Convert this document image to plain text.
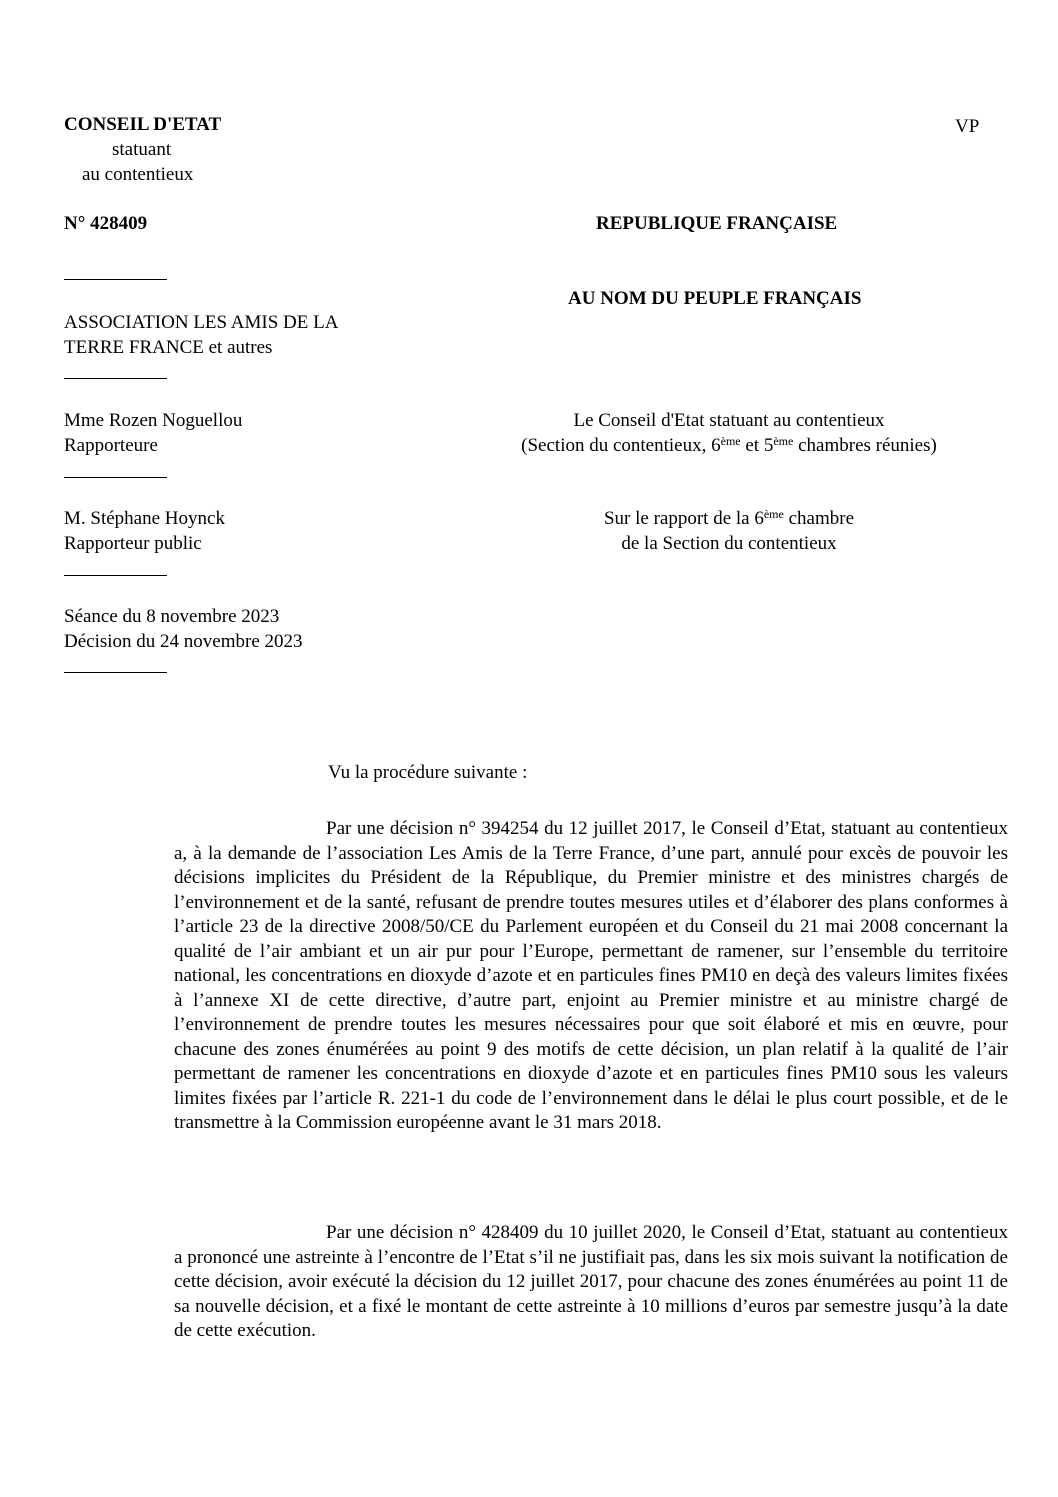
CONSEIL D'ETAT
statuant
au contentieux
VP
N° 428409	REPUBLIQUE FRANÇAISE
AU NOM DU PEUPLE FRANÇAIS
ASSOCIATION LES AMIS DE LA
TERRE FRANCE et autres
Mme Rozen Noguellou
Rapporteure
Le Conseil d'Etat statuant au contentieux
(Section du contentieux, 6ème et 5ème chambres réunies)
M. Stéphane Hoynck
Rapporteur public
Sur le rapport de la 6ème chambre
de la Section du contentieux
Séance du 8 novembre 2023
Décision du 24 novembre 2023
Vu la procédure suivante :
Par une décision n° 394254 du 12 juillet 2017, le Conseil d’Etat, statuant au contentieux a, à la demande de l’association Les Amis de la Terre France, d’une part, annulé pour excès de pouvoir les décisions implicites du Président de la République, du Premier ministre et des ministres chargés de l’environnement et de la santé, refusant de prendre toutes mesures utiles et d’élaborer des plans conformes à l’article 23 de la directive 2008/50/CE du Parlement européen et du Conseil du 21 mai 2008 concernant la qualité de l’air ambiant et un air pur pour l’Europe, permettant de ramener, sur l’ensemble du territoire national, les concentrations en dioxyde d’azote et en particules fines PM10 en deçà des valeurs limites fixées à l’annexe XI de cette directive, d’autre part, enjoint au Premier ministre et au ministre chargé de l’environnement de prendre toutes les mesures nécessaires pour que soit élaboré et mis en œuvre, pour chacune des zones énumérées au point 9 des motifs de cette décision, un plan relatif à la qualité de l’air permettant de ramener les concentrations en dioxyde d’azote et en particules fines PM10 sous les valeurs limites fixées par l’article R. 221-1 du code de l’environnement dans le délai le plus court possible, et de le transmettre à la Commission européenne avant le 31 mars 2018.
Par une décision n° 428409 du 10 juillet 2020, le Conseil d’Etat, statuant au contentieux a prononcé une astreinte à l’encontre de l’Etat s’il ne justifiait pas, dans les six mois suivant la notification de cette décision, avoir exécuté la décision du 12 juillet 2017, pour chacune des zones énumérées au point 11 de sa nouvelle décision, et a fixé le montant de cette astreinte à 10 millions d’euros par semestre jusqu’à la date de cette exécution.
